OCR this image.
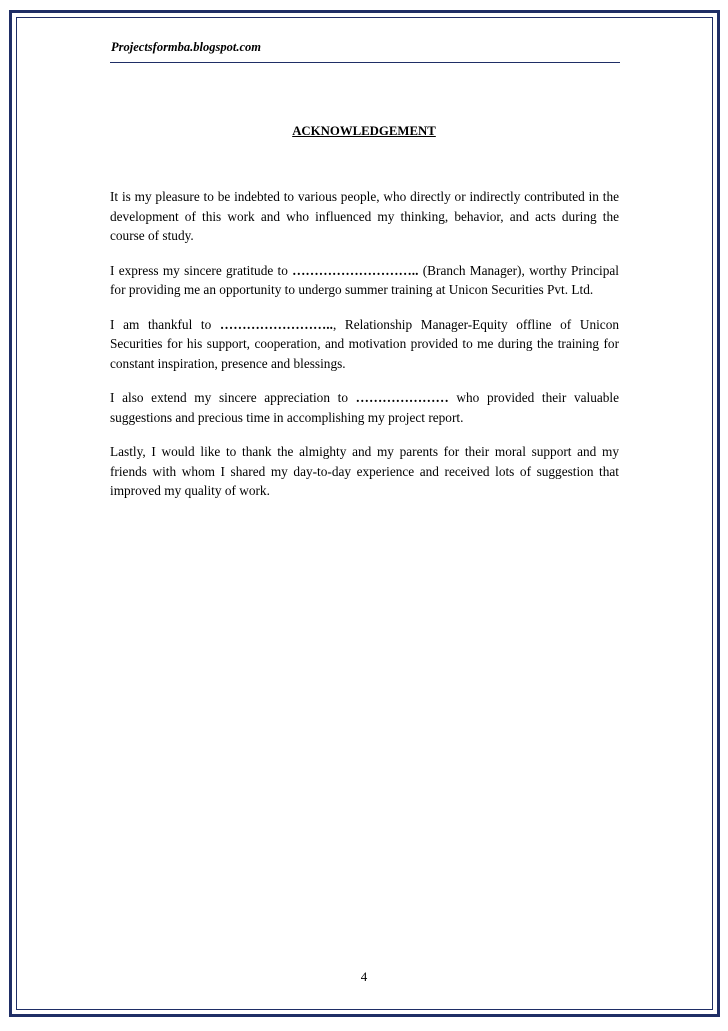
Projectsformba.blogspot.com
ACKNOWLEDGEMENT

It is my pleasure to be indebted to various people, who directly or indirectly contributed in the development of this work and who influenced my thinking, behavior, and acts during the course of study.

I express my sincere gratitude to ……………………….. (Branch Manager), worthy Principal for providing me an opportunity to undergo summer training at Unicon Securities Pvt. Ltd.

I am thankful to …………………….., Relationship Manager-Equity offline of Unicon Securities for his support, cooperation, and motivation provided to me during the training for constant inspiration, presence and blessings.

I also extend my sincere appreciation to ………………… who provided their valuable suggestions and precious time in accomplishing my project report.

Lastly, I would like to thank the almighty and my parents for their moral support and my friends with whom I shared my day-to-day experience and received lots of suggestion that improved my quality of work.

4
